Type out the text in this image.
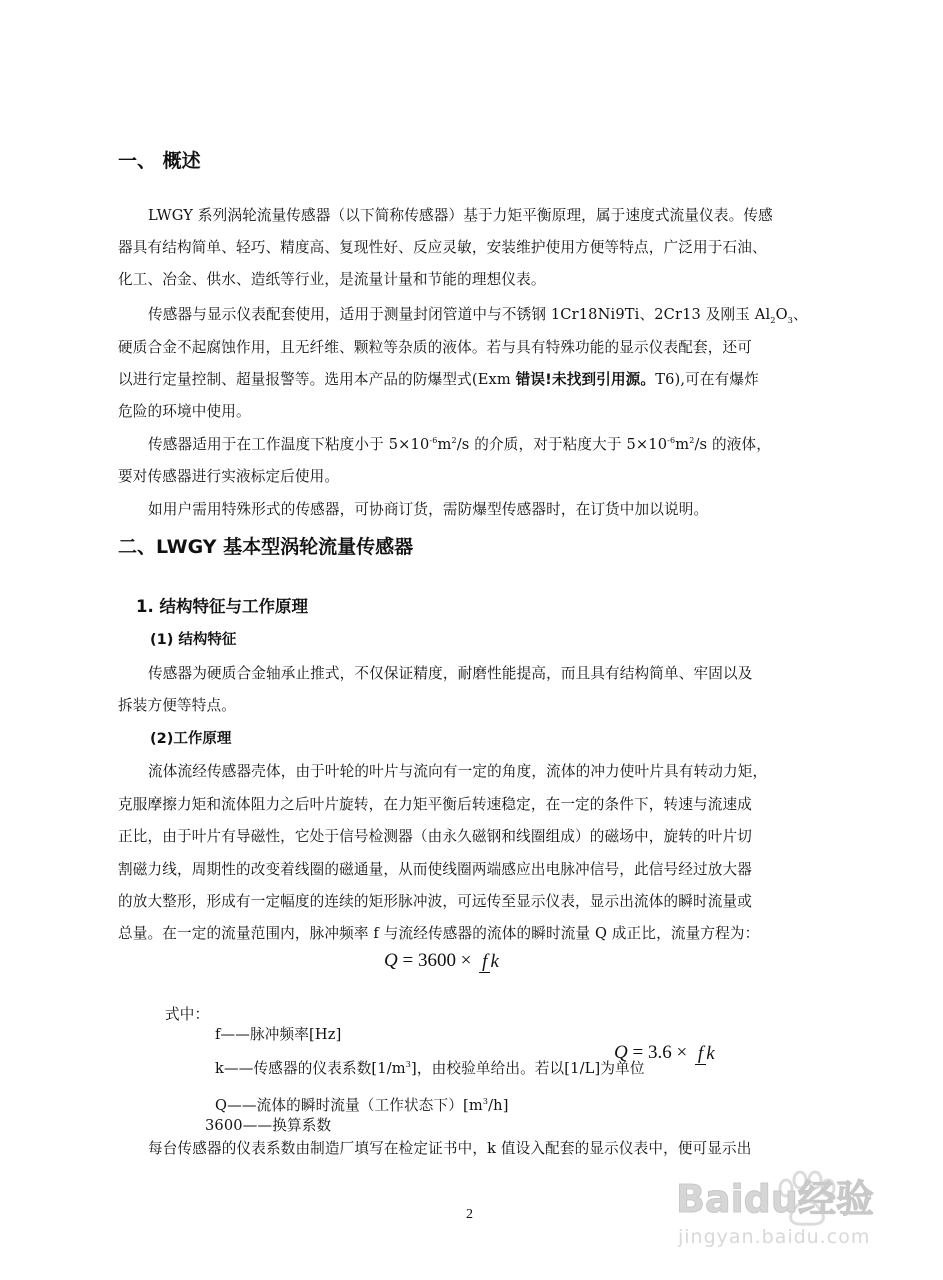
一、 概述
LWGY 系列涡轮流量传感器（以下简称传感器）基于力矩平衡原理，属于速度式流量仪表。传感
器具有结构简单、轻巧、精度高、复现性好、反应灵敏，安装维护使用方便等特点，广泛用于石油、
化工、冶金、供水、造纸等行业，是流量计量和节能的理想仪表。
传感器与显示仪表配套使用，适用于测量封闭管道中与不锈钢 1Cr18Ni9Ti、2Cr13 及刚玉 $Al_2O_3$、
硬质合金不起腐蚀作用，且无纤维、颗粒等杂质的液体。若与具有特殊功能的显示仪表配套，还可
以进行定量控制、超量报警等。选用本产品的防爆型式(Exm 错误!未找到引用源。T6),可在有爆炸
危险的环境中使用。
传感器适用于在工作温度下粘度小于 $5\times 10^{-6}m^2/s$ 的介质，对于粘度大于 $5\times 10^{-6}m^2/s$ 的液体，
要对传感器进行实液标定后使用。
如用户需用特殊形式的传感器，可协商订货，需防爆型传感器时，在订货中加以说明。
二、LWGY 基本型涡轮流量传感器
1. 结构特征与工作原理
(1) 结构特征
传感器为硬质合金轴承止推式，不仅保证精度，耐磨性能提高，而且具有结构简单、牢固以及
拆装方便等特点。
(2)工作原理
流体流经传感器壳体，由于叶轮的叶片与流向有一定的角度，流体的冲力使叶片具有转动力矩，
克服摩擦力矩和流体阻力之后叶片旋转，在力矩平衡后转速稳定，在一定的条件下，转速与流速成
正比，由于叶片有导磁性，它处于信号检测器（由永久磁钢和线圈组成）的磁场中，旋转的叶片切
割磁力线，周期性的改变着线圈的磁通量，从而使线圈两端感应出电脉冲信号，此信号经过放大器
的放大整形，形成有一定幅度的连续的矩形脉冲波，可远传至显示仪表，显示出流体的瞬时流量或
总量。在一定的流量范围内，脉冲频率 f 与流经传感器的流体的瞬时流量 Q 成正比，流量方程为：
Q = 3600 × f k
式中：
f——脉冲频率[Hz]
k——传感器的仪表系数$[1/m^3]$，由校验单给出。若以[1/L]为单位
Q = 3.6 × f k
Q——流体的瞬时流量（工作状态下）$[m^3/h]$
3600——换算系数
每台传感器的仪表系数由制造厂填写在检定证书中，k 值设入配套的显示仪表中，便可显示出
2	Baidu经验
jingyan.baidu.com
